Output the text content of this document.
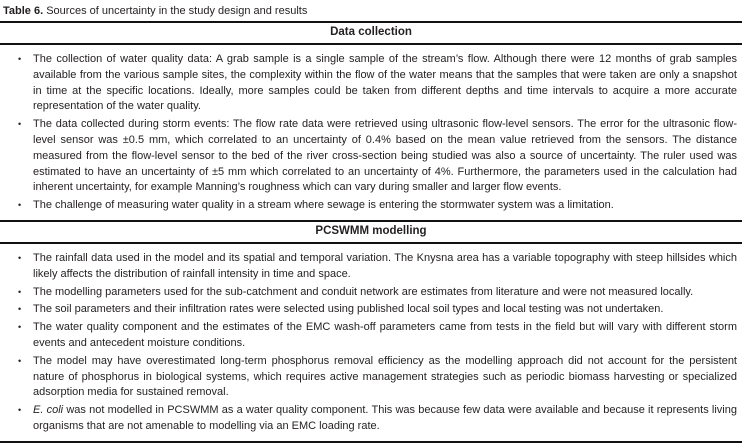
Table 6. Sources of uncertainty in the study design and results
Data collection
• The collection of water quality data: A grab sample is a single sample of the stream’s flow. Although there were 12 months of grab samples available from the various sample sites, the complexity within the flow of the water means that the samples that were taken are only a snapshot in time at the specific locations. Ideally, more samples could be taken from different depths and time intervals to acquire a more accurate representation of the water quality.
• The data collected during storm events: The flow rate data were retrieved using ultrasonic flow-level sensors. The error for the ultrasonic flow-level sensor was ±0.5 mm, which correlated to an uncertainty of 0.4% based on the mean value retrieved from the sensors. The distance measured from the flow-level sensor to the bed of the river cross-section being studied was also a source of uncertainty. The ruler used was estimated to have an uncertainty of ±5 mm which correlated to an uncertainty of 4%. Furthermore, the parameters used in the calculation had inherent uncertainty, for example Manning’s roughness which can vary during smaller and larger flow events.
• The challenge of measuring water quality in a stream where sewage is entering the stormwater system was a limitation.
PCSWMM modelling
• The rainfall data used in the model and its spatial and temporal variation. The Knysna area has a variable topography with steep hillsides which likely affects the distribution of rainfall intensity in time and space.
• The modelling parameters used for the sub-catchment and conduit network are estimates from literature and were not measured locally.
• The soil parameters and their infiltration rates were selected using published local soil types and local testing was not undertaken.
• The water quality component and the estimates of the EMC wash-off parameters came from tests in the field but will vary with different storm events and antecedent moisture conditions.
• The model may have overestimated long-term phosphorus removal efficiency as the modelling approach did not account for the persistent nature of phosphorus in biological systems, which requires active management strategies such as periodic biomass harvesting or specialized adsorption media for sustained removal.
• E. coli was not modelled in PCSWMM as a water quality component. This was because few data were available and because it represents living organisms that are not amenable to modelling via an EMC loading rate.
